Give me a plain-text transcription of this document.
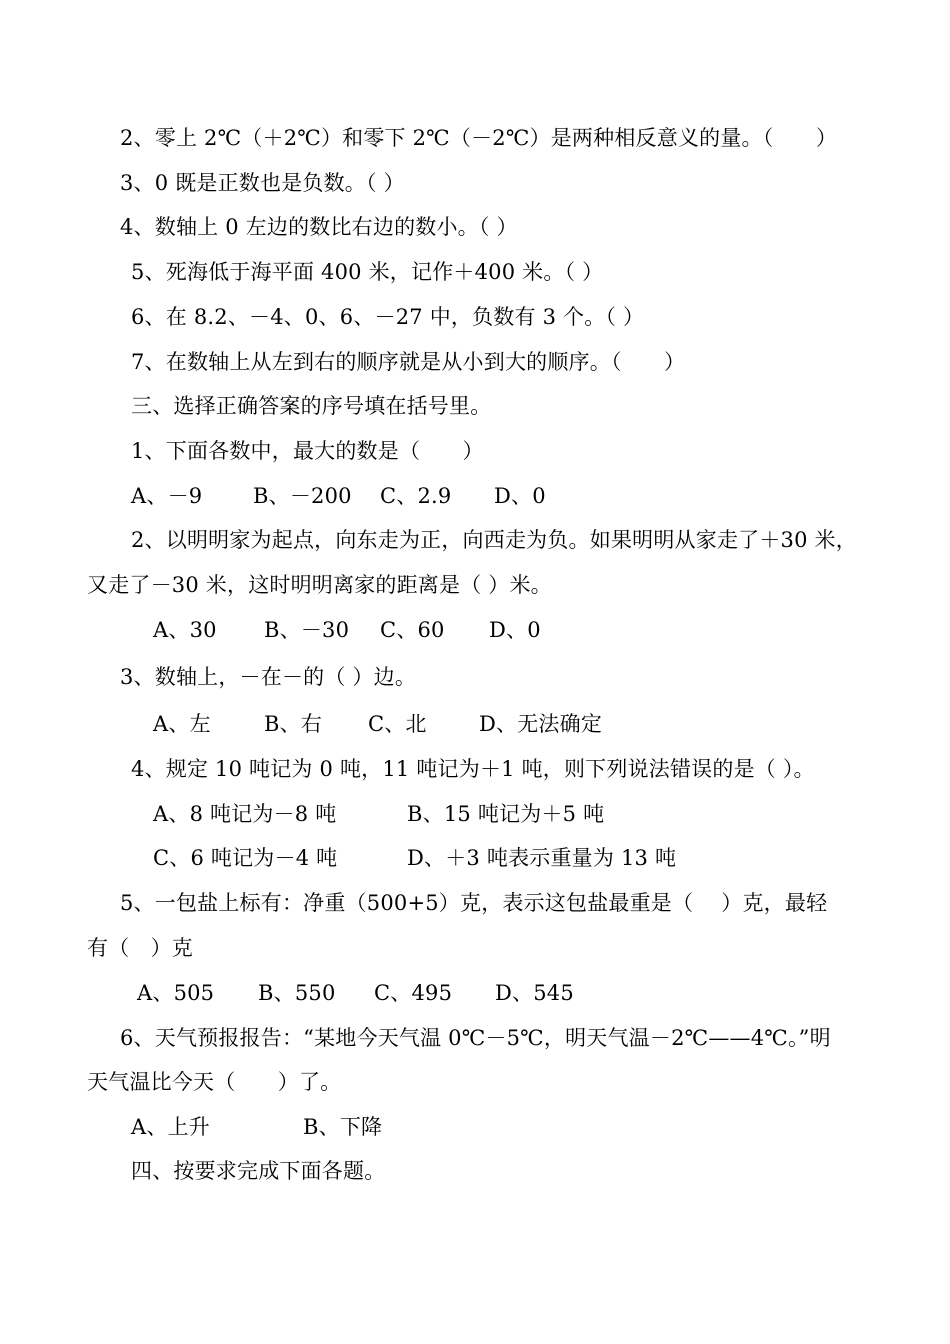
2、零上 2℃（＋2℃）和零下 2℃（－2℃）是两种相反意义的量。（　　）
3、0 既是正数也是负数。（ ）
4、数轴上 0 左边的数比右边的数小。（ ）
5、死海低于海平面 400 米，记作＋400 米。（ ）
6、在 8.2、－4、0、6、－27 中，负数有 3 个。（ ）
7、在数轴上从左到右的顺序就是从小到大的顺序。（　　）
三、选择正确答案的序号填在括号里。
1、下面各数中，最大的数是（　　）
A、－9 B、－200 C、2.9 D、0
2、以明明家为起点，向东走为正，向西走为负。如果明明从家走了＋30 米，
又走了－30 米，这时明明离家的距离是（ ）米。
A、30 B、－30 C、60 D、0
3、数轴上，－在－的（ ）边。
A、左	B、右 C、北 D、无法确定
4、规定 10 吨记为 0 吨，11 吨记为＋1 吨，则下列说法错误的是（ ）。
A、8 吨记为－8 吨	B、15 吨记为＋5 吨
C、6 吨记为－4 吨	D、＋3 吨表示重量为 13 吨
5、一包盐上标有：净重（500+5）克，表示这包盐最重是（　 ）克，最轻
有（　）克
A、505 B、550 C、495 D、545
6、天气预报报告：“某地今天气温 0℃－5℃，明天气温－2℃——4℃。”明
天气温比今天（　　）了。
A、上升	B、下降
四、按要求完成下面各题。
